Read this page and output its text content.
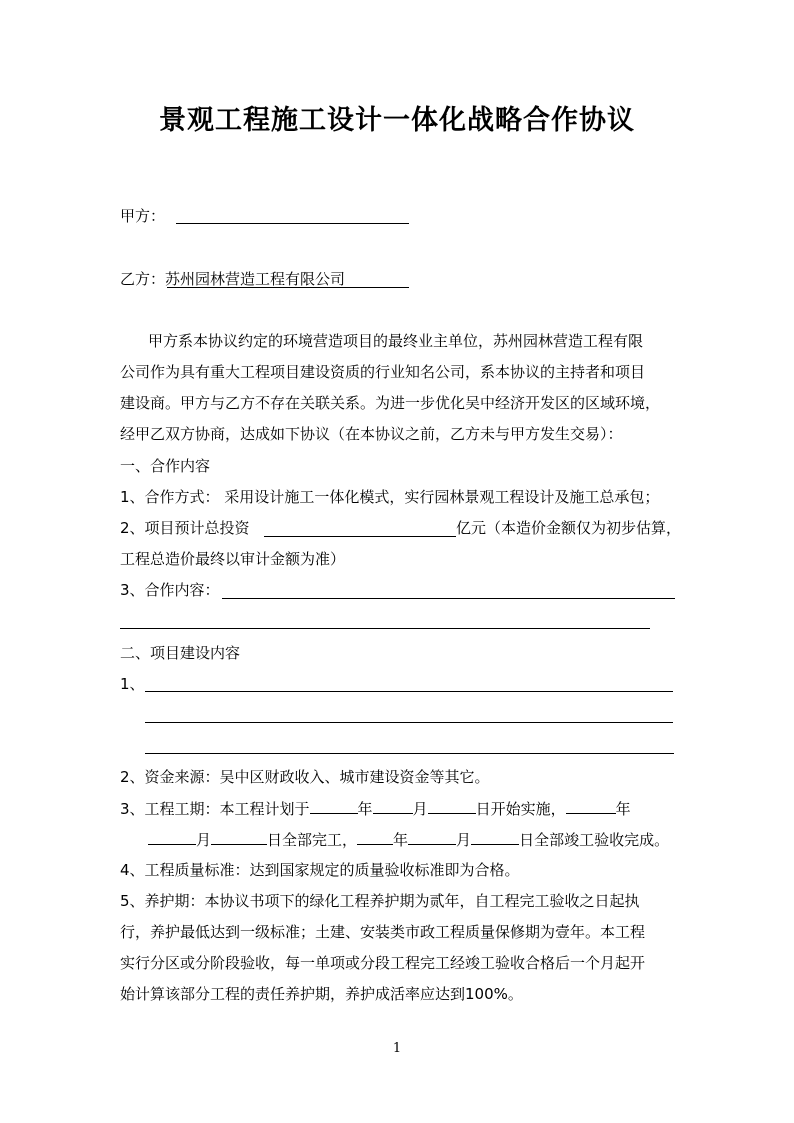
景观工程施工设计一体化战略合作协议
甲方：
乙方：苏州园林营造工程有限公司
甲方系本协议约定的环境营造项目的最终业主单位，苏州园林营造工程有限
公司作为具有重大工程项目建设资质的行业知名公司，系本协议的主持者和项目
建设商。甲方与乙方不存在关联关系。为进一步优化吴中经济开发区的区域环境，
经甲乙双方协商，达成如下协议（在本协议之前，乙方未与甲方发生交易）：
一、合作内容
1、合作方式： 采用设计施工一体化模式，实行园林景观工程设计及施工总承包；
2、项目预计总投资	亿元（本造价金额仅为初步估算，
工程总造价最终以审计金额为准）
3、合作内容：
二、项目建设内容
1、
2、资金来源：吴中区财政收入、城市建设资金等其它。
3、工程工期：本工程计划于	年	月	日开始实施，	年
月	日全部完工， 年	月	日全部竣工验收完成。
4、工程质量标准：达到国家规定的质量验收标准即为合格。
5、养护期：本协议书项下的绿化工程养护期为贰年，自工程完工验收之日起执
行，养护最低达到一级标准；土建、安装类市政工程质量保修期为壹年。本工程
实行分区或分阶段验收，每一单项或分段工程完工经竣工验收合格后一个月起开
始计算该部分工程的责任养护期，养护成活率应达到100%。
1
